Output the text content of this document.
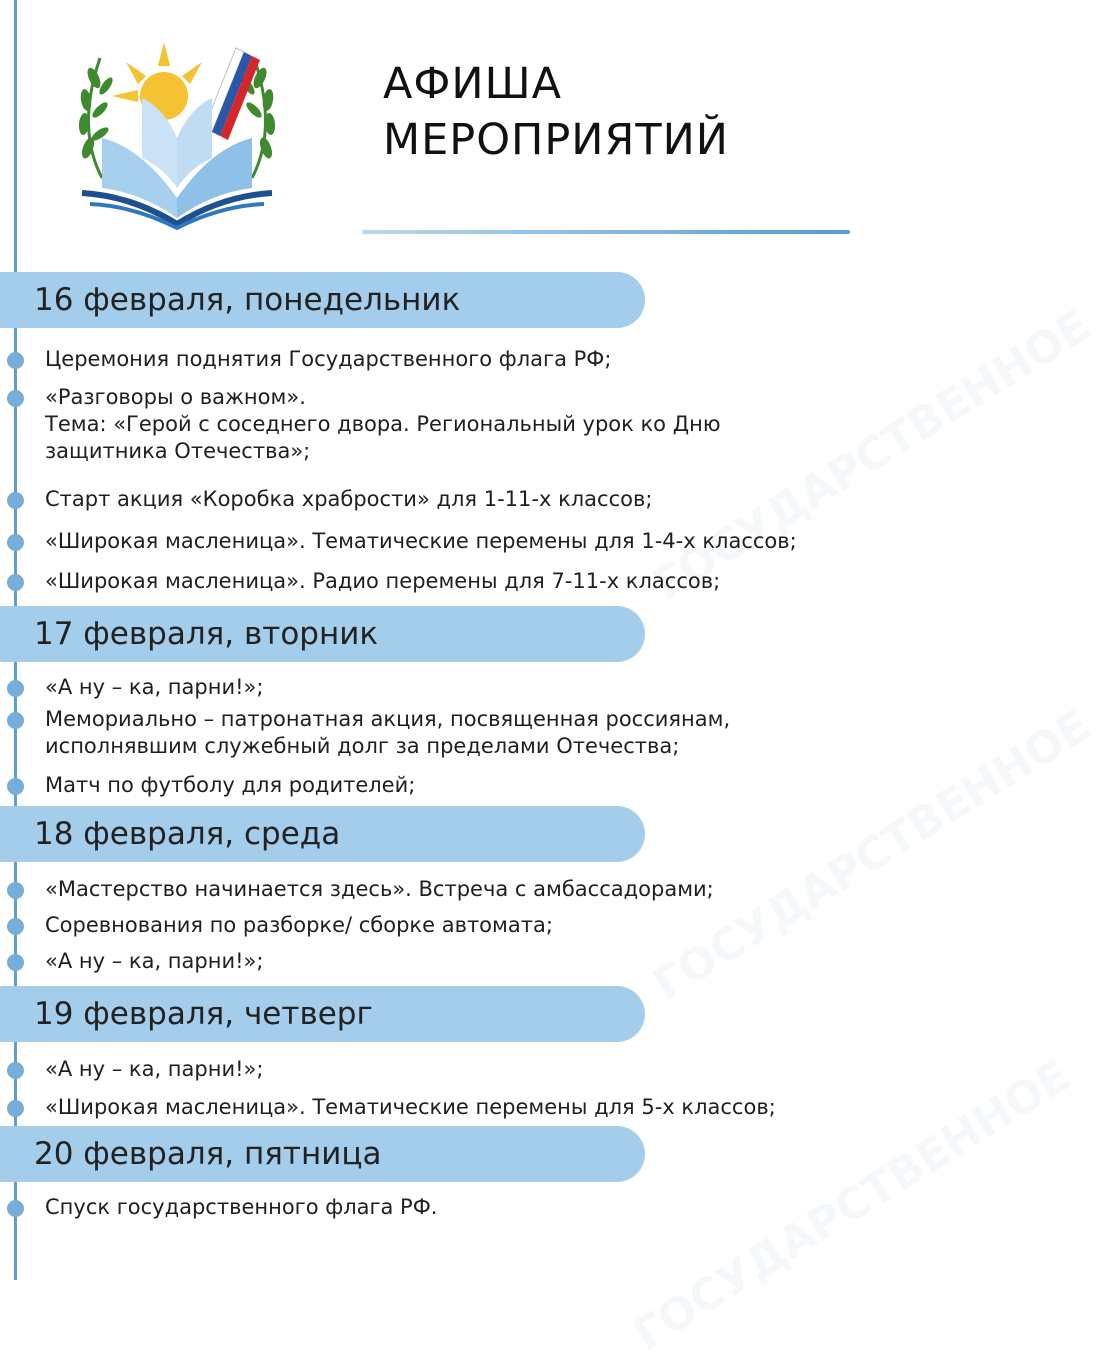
ГОСУДАРСТВЕННОЕ
ГОСУДАРСТВЕННОЕ
ГОСУДАРСТВЕННОЕ
АФИША
МЕРОПРИЯТИЙ
16 февраля, понедельник
Церемония поднятия Государственного флага РФ;
«Разговоры о важном».
Тема: «Герой с соседнего двора. Региональный урок ко Дню
защитника Отечества»;
Старт акция «Коробка храбрости» для 1-11-х классов;
«Широкая масленица». Тематические перемены для 1-4-х классов;
«Широкая масленица». Радио перемены для 7-11-х классов;
17 февраля, вторник
«А ну – ка, парни!»;
Мемориально – патронатная акция, посвященная россиянам,
исполнявшим служебный долг за пределами Отечества;
Матч по футболу для родителей;
18 февраля, среда
«Мастерство начинается здесь». Встреча с амбассадорами;
Соревнования по разборке/ сборке автомата;
«А ну – ка, парни!»;
19 февраля, четверг
«А ну – ка, парни!»;
«Широкая масленица». Тематические перемены для 5-х классов;
20 февраля, пятница
Спуск государственного флага РФ.
